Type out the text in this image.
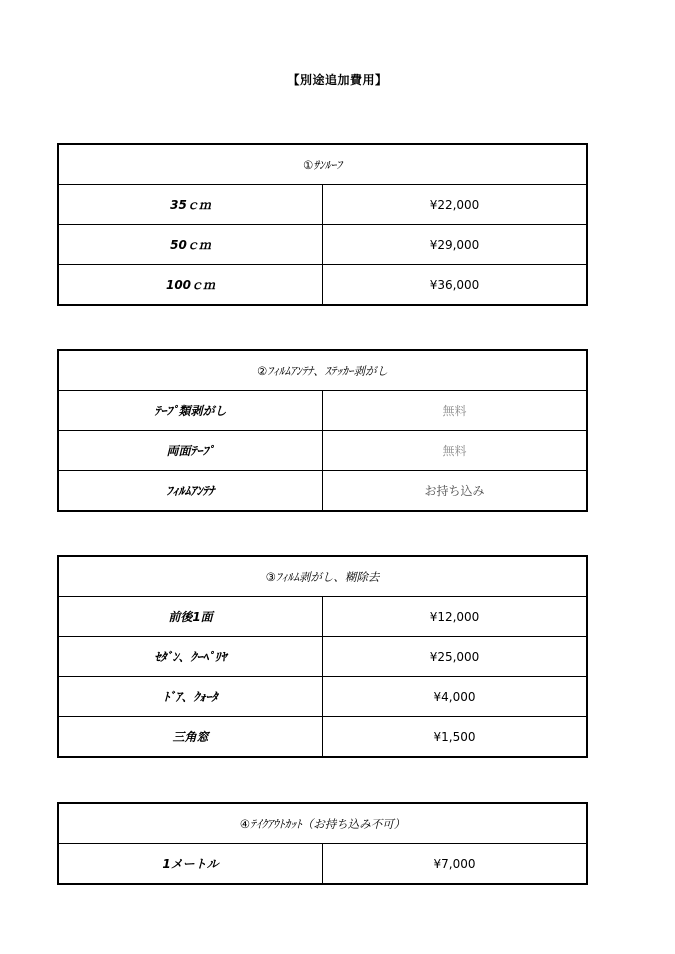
【別途追加費用】
①ｻﾝﾙｰﾌ	
35ｃｍ	¥22,000
50ｃｍ	¥29,000
100ｃｍ	¥36,000
②ﾌｨﾙﾑｱﾝﾃﾅ、ｽﾃｯｶｰ剥がし	
ﾃｰﾌﾟ類剥がし	無料
両面ﾃｰﾌﾟ	無料
ﾌｨﾙﾑｱﾝﾃﾅ	お持ち込み
③ﾌｨﾙﾑ剥がし、糊除去	
前後1面	¥12,000
ｾﾀﾞﾝ、ｸｰﾍﾟﾘﾔ	¥25,000
ﾄﾞｱ、ｸｫｰﾀ	¥4,000
三角窓	¥1,500
④ﾃｲｸｱｳﾄｶｯﾄ（お持ち込み不可）
1メートル	¥7,000
